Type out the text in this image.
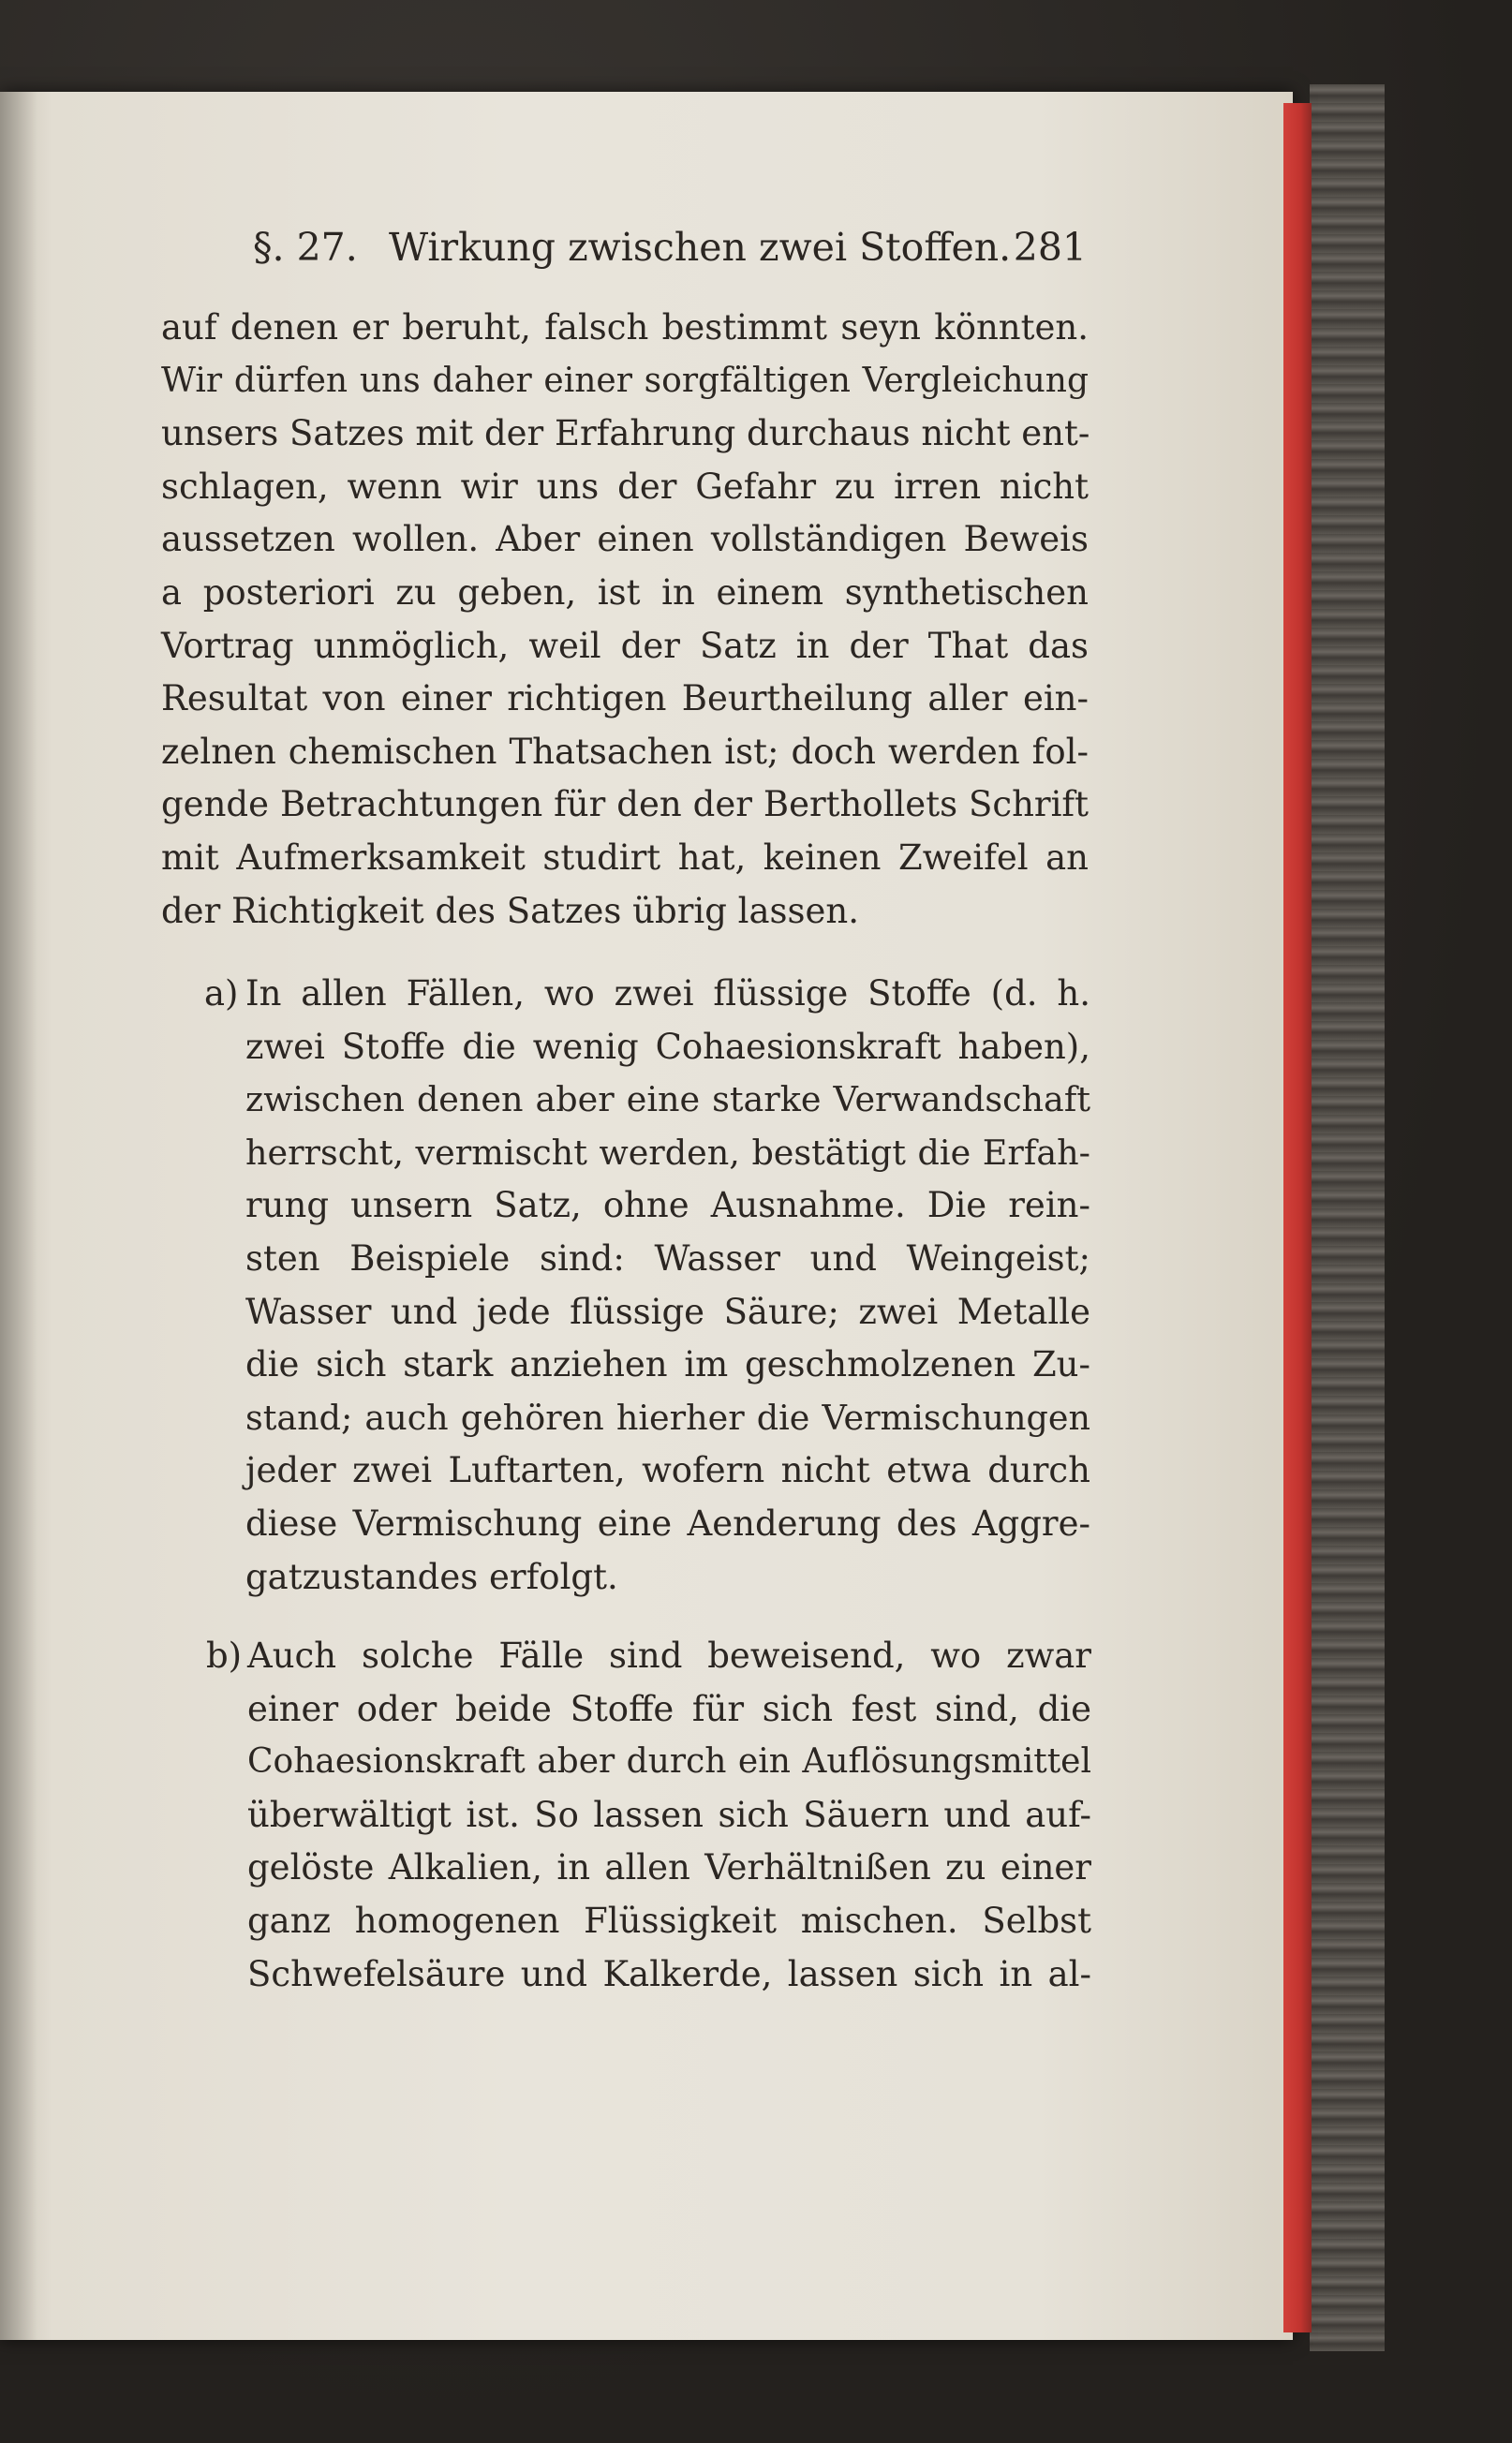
§. 27. Wirkung zwischen zwei Stoffen. 281
auf denen er beruht, falsch bestimmt seyn könnten.
Wir dürfen uns daher einer sorgfältigen Vergleichung
unsers Satzes mit der Erfahrung durchaus nicht ent-
schlagen, wenn wir uns der Gefahr zu irren nicht
aussetzen wollen. Aber einen vollständigen Beweis
a posteriori zu geben, ist in einem synthetischen
Vortrag unmöglich, weil der Satz in der That das
Resultat von einer richtigen Beurtheilung aller ein-
zelnen chemischen Thatsachen ist; doch werden fol-
gende Betrachtungen für den der Berthollets Schrift
mit Aufmerksamkeit studirt hat, keinen Zweifel an
der Richtigkeit des Satzes übrig lassen.
a) In allen Fällen, wo zwei flüssige Stoffe (d. h.
zwei Stoffe die wenig Cohaesionskraft haben),
zwischen denen aber eine starke Verwandschaft
herrscht, vermischt werden, bestätigt die Erfah-
rung unsern Satz, ohne Ausnahme. Die rein-
sten Beispiele sind: Wasser und Weingeist;
Wasser und jede flüssige Säure; zwei Metalle
die sich stark anziehen im geschmolzenen Zu-
stand; auch gehören hierher die Vermischungen
jeder zwei Luftarten, wofern nicht etwa durch
diese Vermischung eine Aenderung des Aggre-
gatzustandes erfolgt.
b) Auch solche Fälle sind beweisend, wo zwar
einer oder beide Stoffe für sich fest sind, die
Cohaesionskraft aber durch ein Auflösungsmittel
überwältigt ist. So lassen sich Säuern und auf-
gelöste Alkalien, in allen Verhältnißen zu einer
ganz homogenen Flüssigkeit mischen. Selbst
Schwefelsäure und Kalkerde, lassen sich in al-
